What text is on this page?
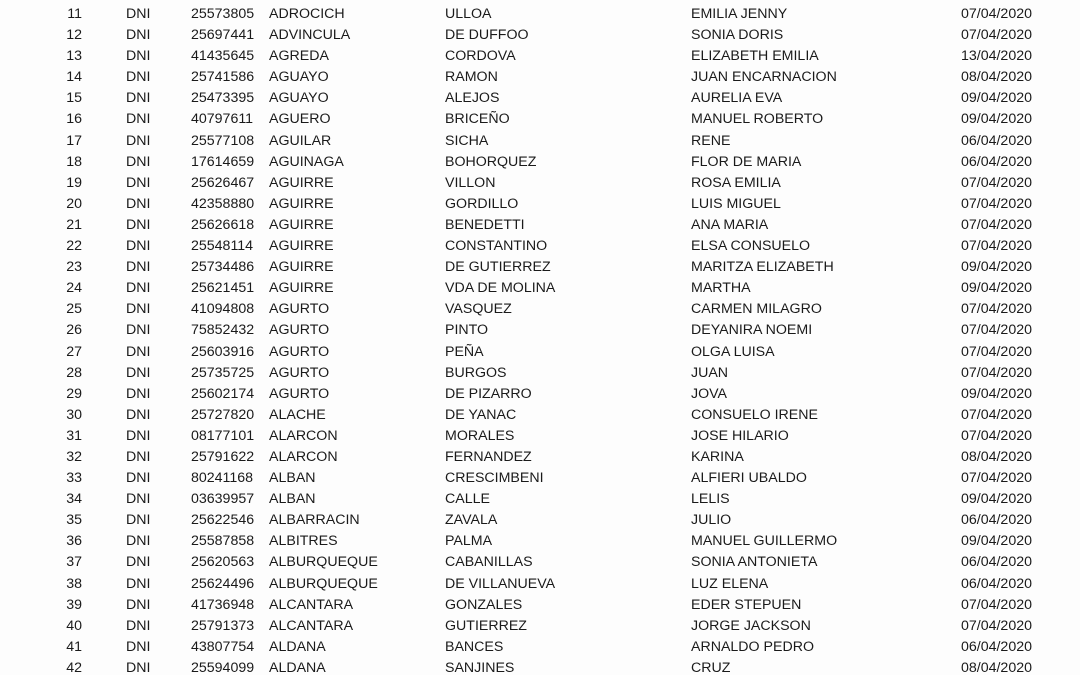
11	DNI	25573805 ADROCICH	ULLOA	EMILIA JENNY	07/04/2020
12	DNI	25697441 ADVINCULA	DE DUFFOO	SONIA DORIS	07/04/2020
13	DNI	41435645 AGREDA	CORDOVA	ELIZABETH EMILIA	13/04/2020
14	DNI	25741586 AGUAYO	RAMON	JUAN ENCARNACION	08/04/2020
15	DNI	25473395 AGUAYO	ALEJOS	AURELIA EVA	09/04/2020
16	DNI	40797611 AGUERO	BRICEÑO	MANUEL ROBERTO	09/04/2020
17	DNI	25577108 AGUILAR	SICHA	RENE	06/04/2020
18	DNI	17614659 AGUINAGA	BOHORQUEZ	FLOR DE MARIA	06/04/2020
19	DNI	25626467 AGUIRRE	VILLON	ROSA EMILIA	07/04/2020
20	DNI	42358880 AGUIRRE	GORDILLO	LUIS MIGUEL	07/04/2020
21	DNI	25626618 AGUIRRE	BENEDETTI	ANA MARIA	07/04/2020
22	DNI	25548114 AGUIRRE	CONSTANTINO	ELSA CONSUELO	07/04/2020
23	DNI	25734486 AGUIRRE	DE GUTIERREZ	MARITZA ELIZABETH	09/04/2020
24	DNI	25621451 AGUIRRE	VDA DE MOLINA	MARTHA	09/04/2020
25	DNI	41094808 AGURTO	VASQUEZ	CARMEN MILAGRO	07/04/2020
26	DNI	75852432 AGURTO	PINTO	DEYANIRA NOEMI	07/04/2020
27	DNI	25603916 AGURTO	PEÑA	OLGA LUISA	07/04/2020
28	DNI	25735725 AGURTO	BURGOS	JUAN	07/04/2020
29	DNI	25602174 AGURTO	DE PIZARRO	JOVA	09/04/2020
30	DNI	25727820 ALACHE	DE YANAC	CONSUELO IRENE	07/04/2020
31	DNI	08177101 ALARCON	MORALES	JOSE HILARIO	07/04/2020
32	DNI	25791622 ALARCON	FERNANDEZ	KARINA	08/04/2020
33	DNI	80241168 ALBAN	CRESCIMBENI	ALFIERI UBALDO	07/04/2020
34	DNI	03639957 ALBAN	CALLE	LELIS	09/04/2020
35	DNI	25622546 ALBARRACIN	ZAVALA	JULIO	06/04/2020
36	DNI	25587858 ALBITRES	PALMA	MANUEL GUILLERMO	09/04/2020
37	DNI	25620563 ALBURQUEQUE	CABANILLAS	SONIA ANTONIETA	06/04/2020
38	DNI	25624496 ALBURQUEQUE	DE VILLANUEVA	LUZ ELENA	06/04/2020
39	DNI	41736948 ALCANTARA	GONZALES	EDER STEPUEN	07/04/2020
40	DNI	25791373 ALCANTARA	GUTIERREZ	JORGE JACKSON	07/04/2020
41	DNI	43807754 ALDANA	BANCES	ARNALDO PEDRO	06/04/2020
42	DNI	25594099 ALDANA	SANJINES	CRUZ	08/04/2020
